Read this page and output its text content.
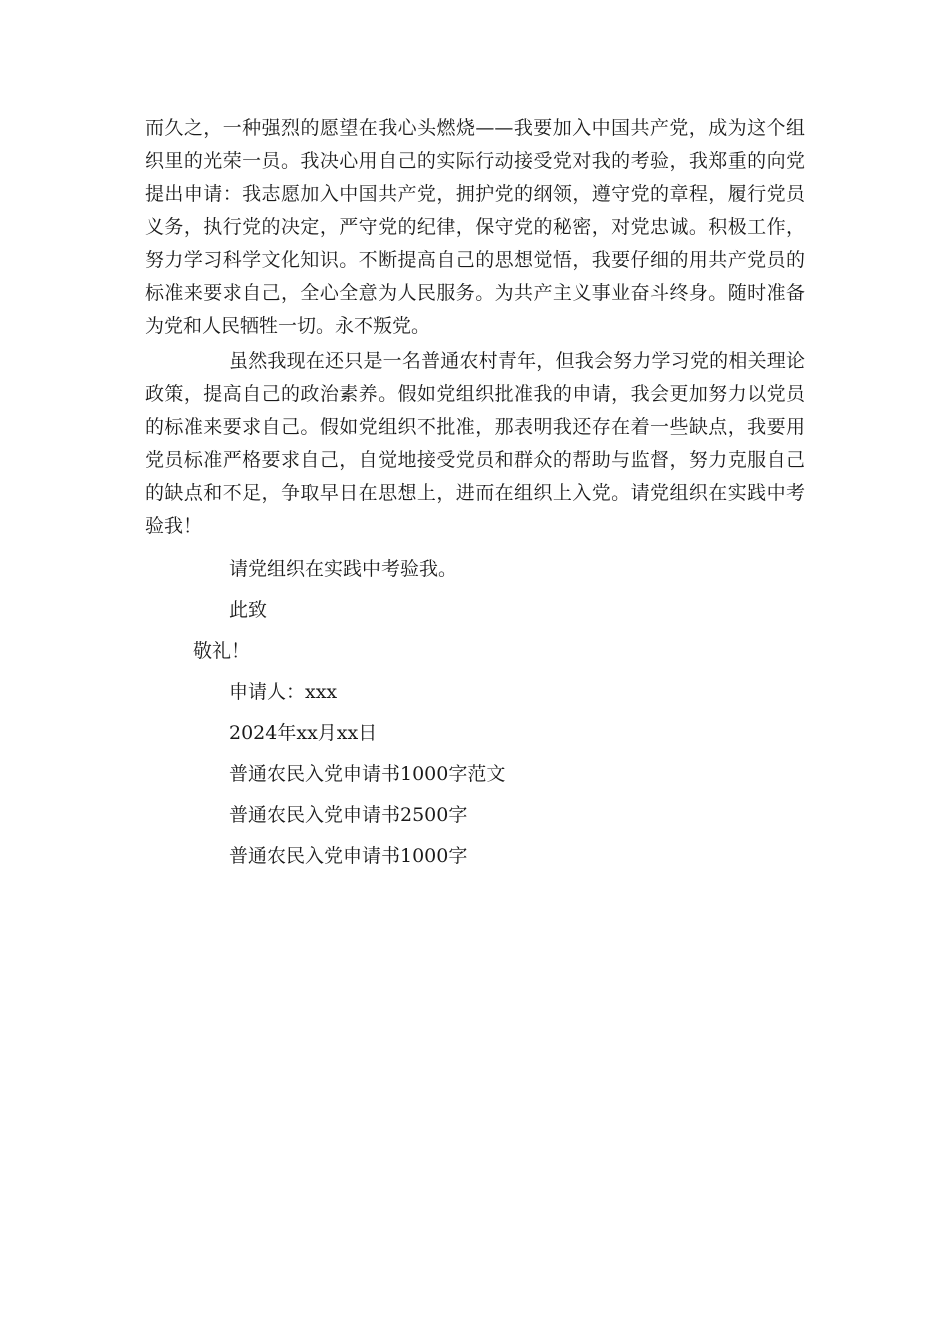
而久之，一种强烈的愿望在我心头燃烧——我要加入中国共产党，成为这个组织里的光荣一员。我决心用自己的实际行动接受党对我的考验，我郑重的向党提出申请：我志愿加入中国共产党，拥护党的纲领，遵守党的章程，履行党员义务，执行党的决定，严守党的纪律，保守党的秘密，对党忠诚。积极工作，努力学习科学文化知识。不断提高自己的思想觉悟，我要仔细的用共产党员的标准来要求自己，全心全意为人民服务。为共产主义事业奋斗终身。随时准备为党和人民牺牲一切。永不叛党。

虽然我现在还只是一名普通农村青年，但我会努力学习党的相关理论政策，提高自己的政治素养。假如党组织批准我的申请，我会更加努力以党员的标准来要求自己。假如党组织不批准，那表明我还存在着一些缺点，我要用党员标准严格要求自己，自觉地接受党员和群众的帮助与监督，努力克服自己的缺点和不足，争取早日在思想上，进而在组织上入党。请党组织在实践中考验我！

请党组织在实践中考验我。

此致

敬礼！

申请人：xxx

2024年xx月xx日

普通农民入党申请书1000字范文

普通农民入党申请书2500字

普通农民入党申请书1000字
